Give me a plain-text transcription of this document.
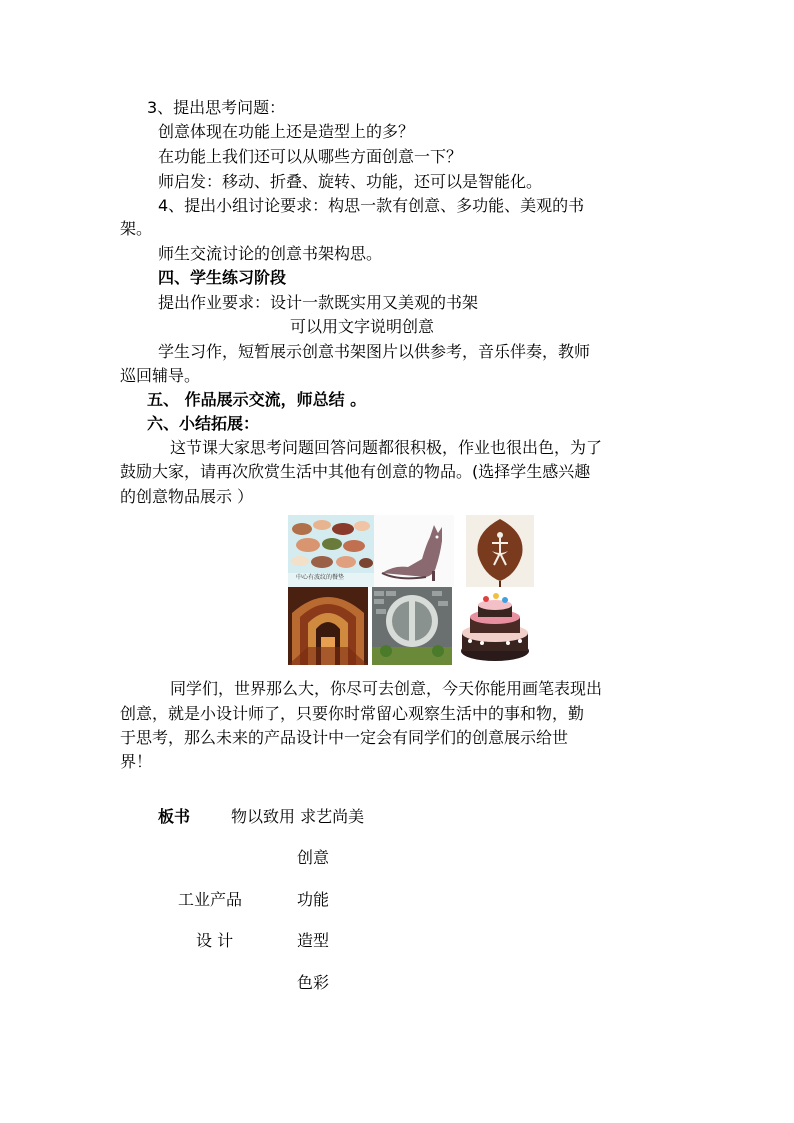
3、提出思考问题：
创意体现在功能上还是造型上的多？
在功能上我们还可以从哪些方面创意一下？
师启发：移动、折叠、旋转、功能，还可以是智能化。
4、提出小组讨论要求：构思一款有创意、多功能、美观的书
架。
师生交流讨论的创意书架构思。
四、学生练习阶段
提出作业要求：设计一款既实用又美观的书架
可以用文字说明创意
学生习作，短暂展示创意书架图片以供参考，音乐伴奏，教师
巡回辅导。
五、 作品展示交流，师总结 。
六、小结拓展：
这节课大家思考问题回答问题都很积极，作业也很出色，为了
鼓励大家，请再次欣赏生活中其他有创意的物品。(选择学生感兴趣
的创意物品展示 ）
中心有波纹的餐垫
同学们，世界那么大，你尽可去创意，今天你能用画笔表现出
创意，就是小设计师了，只要你时常留心观察生活中的事和物，勤
于思考，那么未来的产品设计中一定会有同学们的创意展示给世
界！
板书	物以致用 求艺尚美
创意
工业产品	功能
设 计	造型
色彩
